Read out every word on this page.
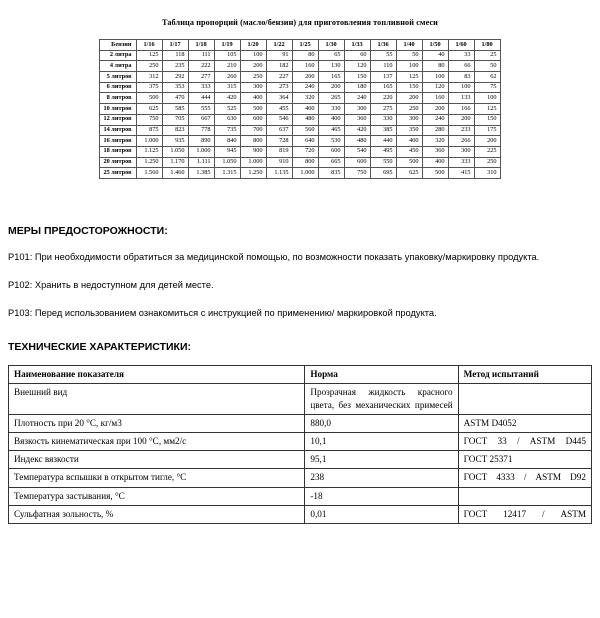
Таблица пропорций (масло/бензин) для приготовления топливной смеси
Бензин	1/16	1/17	1/18	1/19	1/20	1/22	1/25	1/30	1/33	1/36	1/40	1/50	1/60	1/80
2 литра	125	118	111	105	100	91	80	65	60	55	50	40	33	25
4 литра	250	235	222	210	200	182	160	130	120	110	100	80	66	50
5 литров	312	292	277	260	250	227	200	165	150	137	125	100	83	62
6 литров	375	353	333	315	300	273	240	200	180	165	150	120	100	75
8 литров	500	470	444	420	400	364	320	265	240	220	200	160	133	100
10 литров	625	585	555	525	500	455	400	330	300	275	250	200	166	125
12 литров	750	705	667	630	600	546	480	400	360	330	300	240	200	150
14 литров	875	823	778	735	700	637	560	465	420	385	350	280	233	175
16 литров	1.000	935	890	840	800	728	640	530	480	440	400	320	266	200
18 литров	1.125	1.050	1.000	945	900	819	720	600	540	495	450	360	300	225
20 литров	1.250	1.170	1.111	1.050	1.000	910	800	665	600	550	500	400	333	250
25 литров	1.560	1.460	1.385	1.315	1.250	1.135	1.000	835	750	695	625	500	415	310
МЕРЫ ПРЕДОСТОРОЖНОСТИ:

P101: При необходимости обратиться за медицинской помощью, по возможности показать упаковку/маркировку продукта.

P102: Хранить в недоступном для детей месте.

P103: Перед использованием ознакомиться с инструкцией по применению/ маркировкой продукта.

ТЕХНИЧЕСКИЕ ХАРАКТЕРИСТИКИ:
Наименование показателя	Норма	Метод испытаний
Внешний вид	Прозрачная жидкость красного цвета, без механических примесей	
Плотность при 20 °С, кг/м3	880,0	ASTM D4052
Вязкость кинематическая при 100 °С, мм2/с	10,1	ГОСТ 33 / ASTM D445
Индекс вязкости	95,1	ГОСТ 25371
Температура вспышки в открытом тигле, °С	238	ГОСТ 4333 / ASTM D92
Температура застывания, °С	-18	
Сульфатная зольность, %	0,01	ГОСТ 12417 / ASTM
